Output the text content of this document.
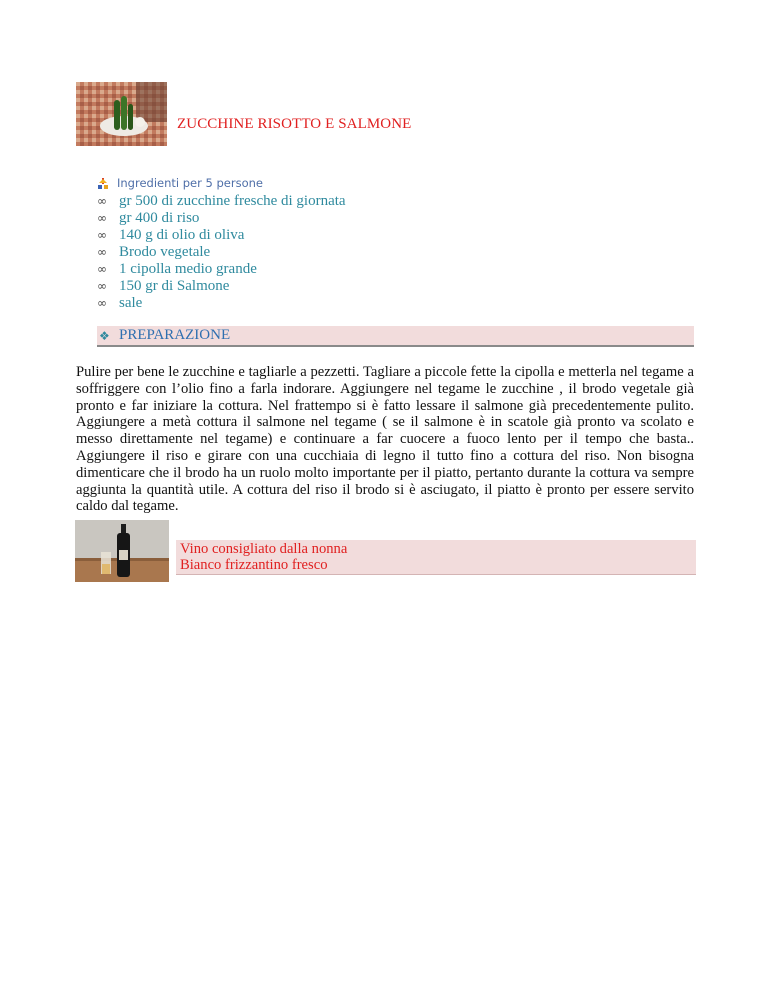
ZUCCHINE RISOTTO E SALMONE
Ingredienti per 5 persone
∞ gr 500 di zucchine fresche di giornata
∞ gr 400 di riso
∞ 140 g di olio di oliva
∞ Brodo vegetale
∞ 1 cipolla medio grande
∞ 150 gr di Salmone
∞ sale
❖ PREPARAZIONE
Pulire per bene le zucchine e tagliarle a pezzetti. Tagliare a piccole fette la cipolla e metterla nel tegame a soffriggere con l’olio fino a farla indorare. Aggiungere nel tegame le zucchine , il brodo vegetale già pronto e far iniziare la cottura. Nel frattempo si è fatto lessare il salmone già precedentemente pulito. Aggiungere a metà cottura il salmone nel tegame ( se il salmone è in scatole già pronto va scolato e messo direttamente nel tegame) e continuare a far cuocere a fuoco lento per il tempo che basta.. Aggiungere il riso e girare con una cucchiaia di legno il tutto fino a cottura del riso. Non bisogna dimenticare che il brodo ha un ruolo molto importante per il piatto, pertanto durante la cottura va sempre aggiunta la quantità utile. A cottura del riso il brodo si è asciugato, il piatto è pronto per essere servito caldo dal tegame.
Vino consigliato dalla nonna
Bianco frizzantino fresco
